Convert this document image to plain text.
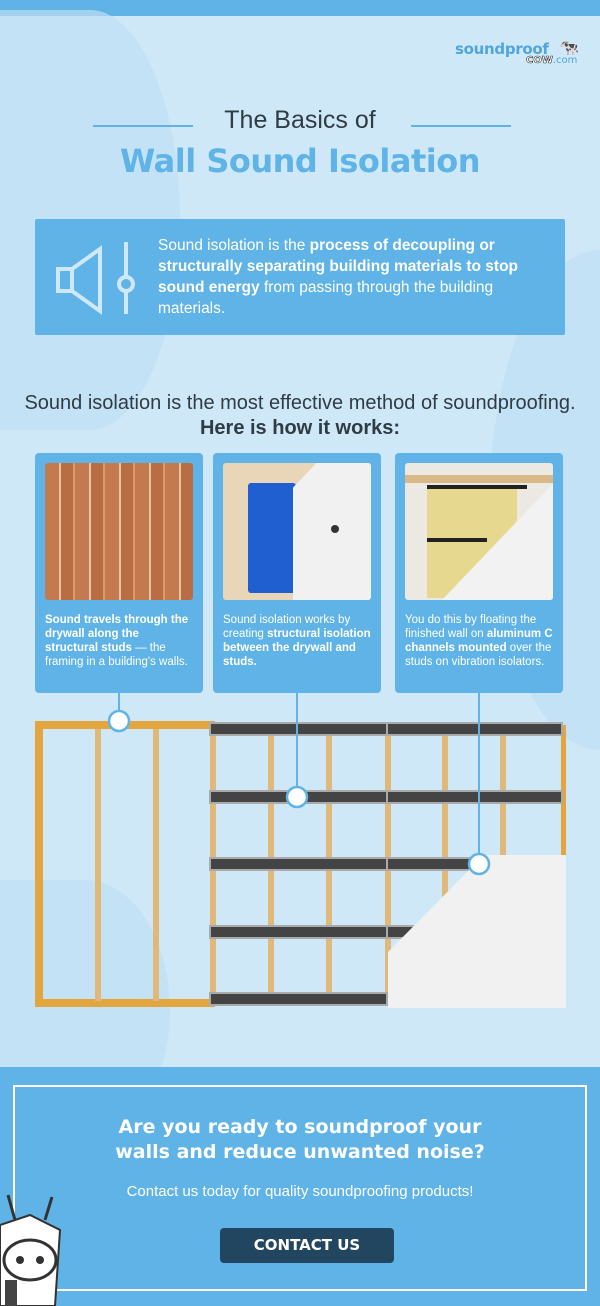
soundproof
COW.com
🐄
The Basics of
Wall Sound Isolation

Sound isolation is the process of decoupling or structurally separating building materials to stop sound energy from passing through the building materials.

Sound isolation is the most effective method of soundproofing. Here is how it works:

Sound travels through the drywall along the structural studs — the framing in a building's walls.

Sound isolation works by creating structural isolation between the drywall and studs.

You do this by floating the finished wall on aluminum C channels mounted over the studs on vibration isolators.

Are you ready to soundproof your walls and reduce unwanted noise?
Contact us today for quality soundproofing products!
CONTACT US
